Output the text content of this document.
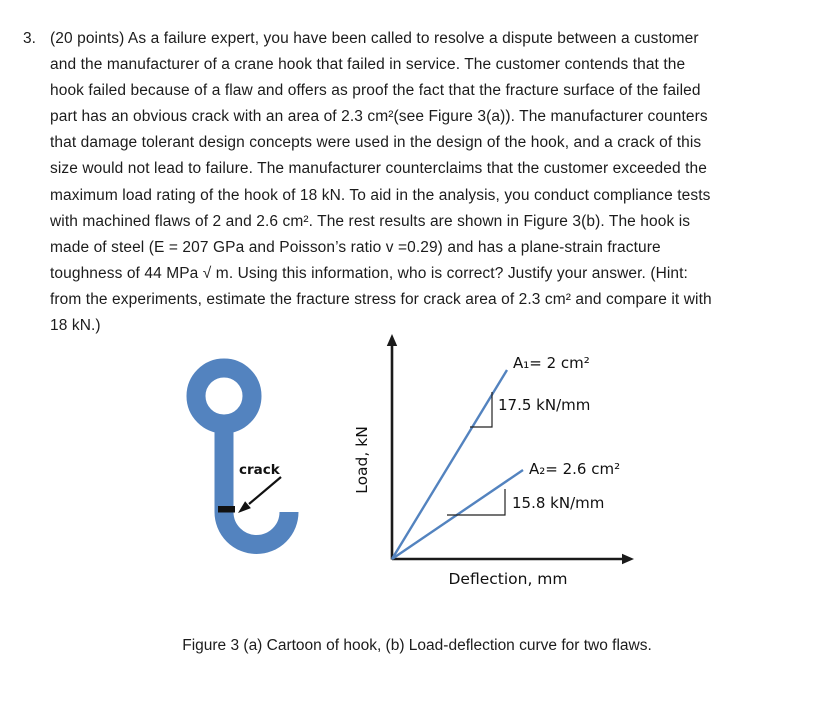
3. (20 points) As a failure expert, you have been called to resolve a dispute between a customer
and the manufacturer of a crane hook that failed in service. The customer contends that the
hook failed because of a flaw and offers as proof the fact that the fracture surface of the failed
part has an obvious crack with an area of 2.3 cm²(see Figure 3(a)). The manufacturer counters
that damage tolerant design concepts were used in the design of the hook, and a crack of this
size would not lead to failure. The manufacturer counterclaims that the customer exceeded the
maximum load rating of the hook of 18 kN. To aid in the analysis, you conduct compliance tests
with machined flaws of 2 and 2.6 cm². The rest results are shown in Figure 3(b). The hook is
made of steel (E = 207 GPa and Poisson’s ratio v =0.29) and has a plane-strain fracture
toughness of 44 MPa √ m. Using this information, who is correct? Justify your answer. (Hint:
from the experiments, estimate the fracture stress for crack area of 2.3 cm² and compare it with
18 kN.)
crack
A₁= 2 cm²
17.5 kN/mm
A₂= 2.6 cm²
15.8 kN/mm
Deflection, mm
Load, kN
Figure 3 (a) Cartoon of hook, (b) Load-deflection curve for two flaws.
